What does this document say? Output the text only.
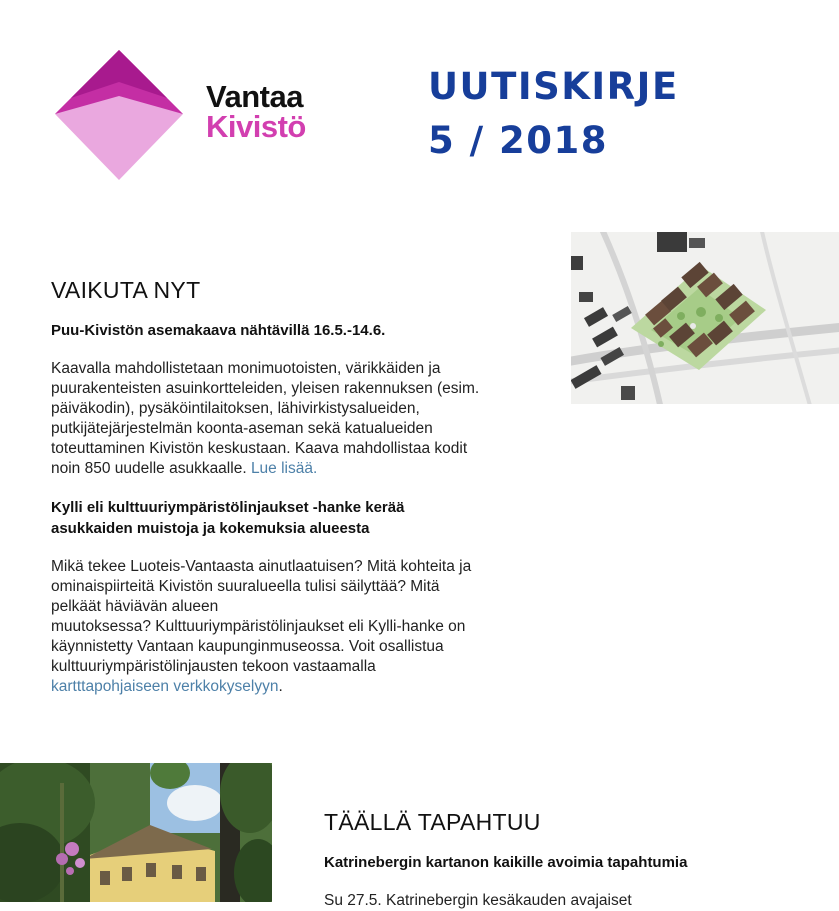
Vantaa
Kivistö
UUTISKIRJE
5 / 2018
VAIKUTA NYT
Puu-Kivistön asemakaava nähtävillä 16.5.-14.6.
Kaavalla mahdollistetaan monimuotoisten, värikkäiden ja
puurakenteisten asuinkortteleiden, yleisen rakennuksen (esim.
päiväkodin), pysäköintilaitoksen, lähivirkistysalueiden,
putkijätejärjestelmän koonta-aseman sekä katualueiden
toteuttaminen Kivistön keskustaan. Kaava mahdollistaa kodit
noin 850 uudelle asukkaalle. Lue lisää.
Kylli eli kulttuuriympäristölinjaukset -hanke kerää
asukkaiden muistoja ja kokemuksia alueesta
Mikä tekee Luoteis-Vantaasta ainutlaatuisen? Mitä kohteita ja
ominaispiirteitä Kivistön suuralueella tulisi säilyttää? Mitä
pelkäät häviävän alueen
muutoksessa? Kulttuuriympäristölinjaukset eli Kylli-hanke on
käynnistetty Vantaan kaupunginmuseossa. Voit osallistua
kulttuuriympäristölinjausten tekoon vastaamalla
kartttapohjaiseen verkkokyselyyn.
TÄÄLLÄ TAPAHTUU
Katrinebergin kartanon kaikille avoimia tapahtumia
Su 27.5. Katrinebergin kesäkauden avajaiset
